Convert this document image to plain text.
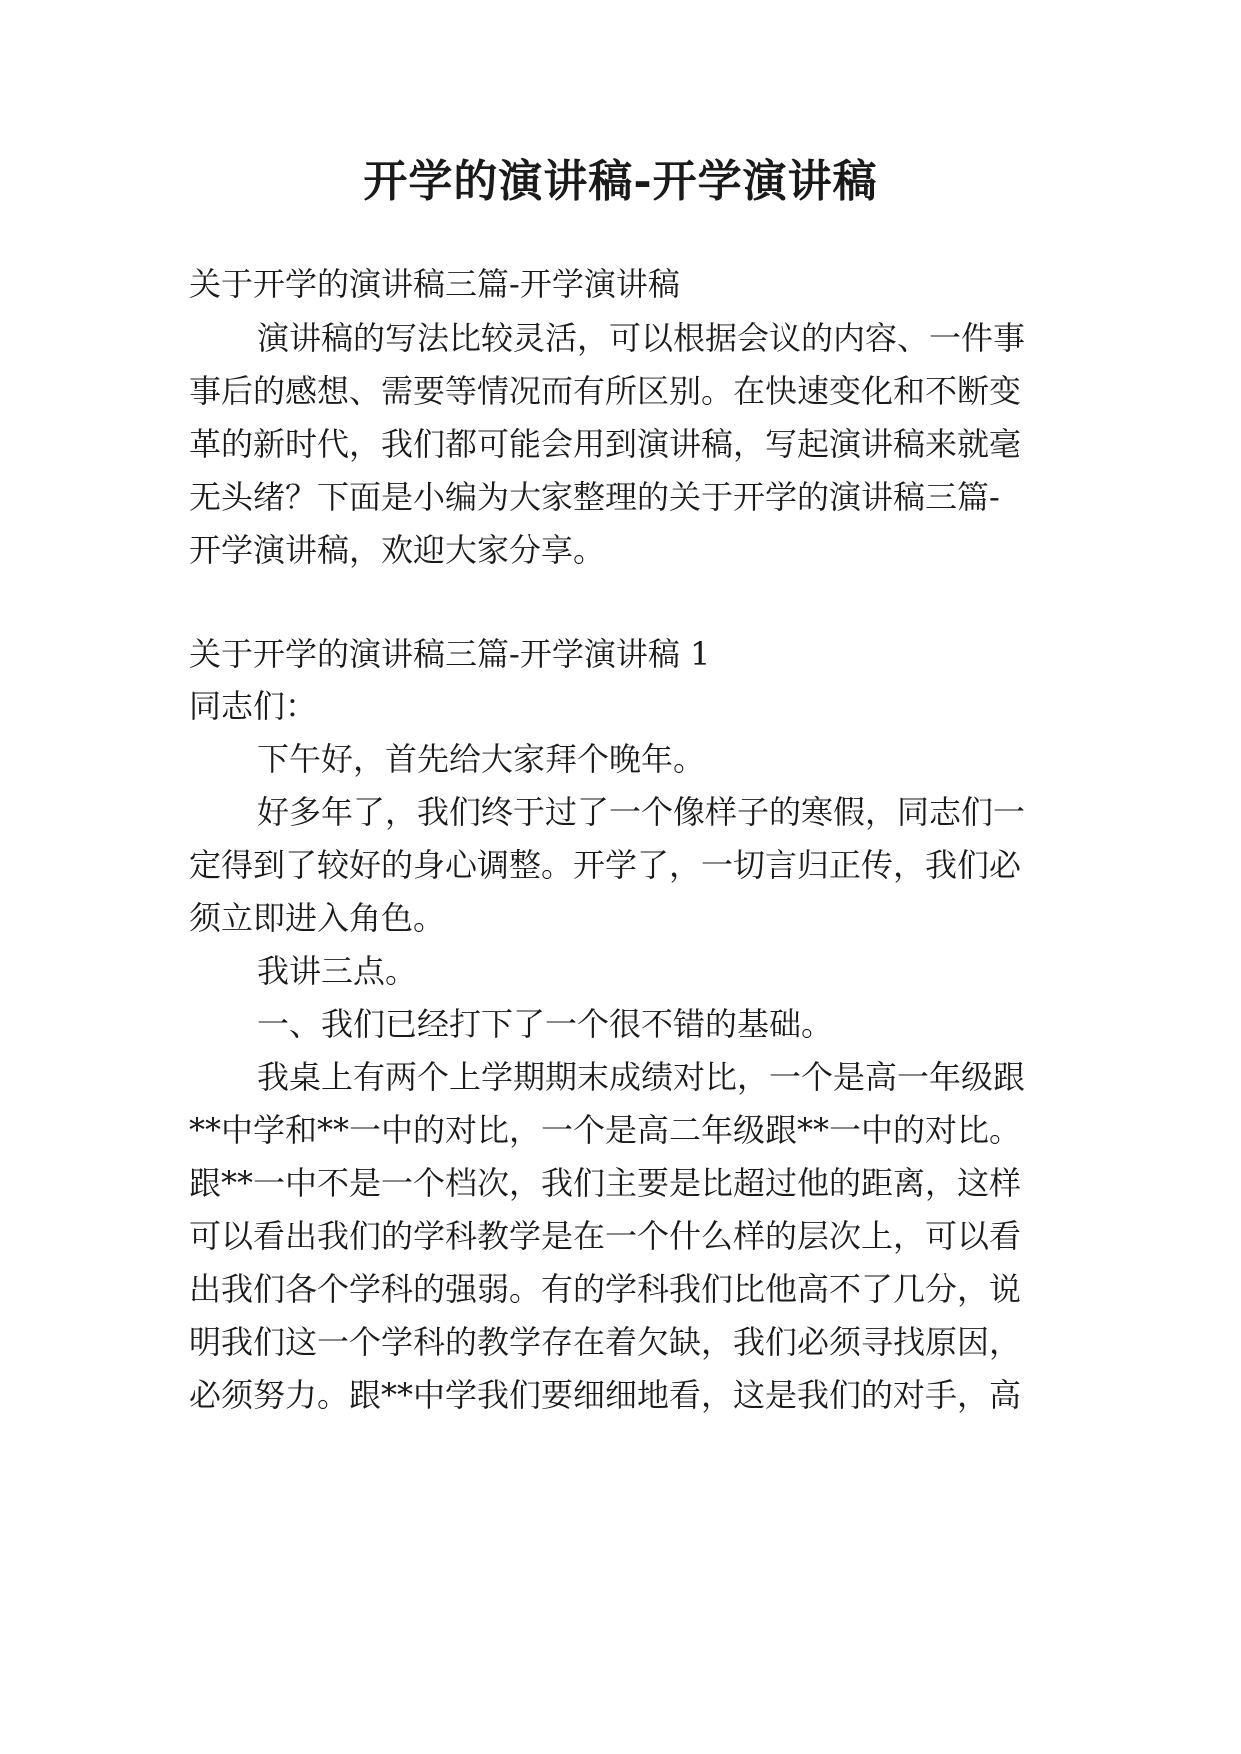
开学的演讲稿-开学演讲稿
关于开学的演讲稿三篇-开学演讲稿
演讲稿的写法比较灵活，可以根据会议的内容、一件事
事后的感想、需要等情况而有所区别。在快速变化和不断变
革的新时代，我们都可能会用到演讲稿，写起演讲稿来就毫
无头绪？下面是小编为大家整理的关于开学的演讲稿三篇-
开学演讲稿，欢迎大家分享。
关于开学的演讲稿三篇-开学演讲稿 1
同志们：
下午好，首先给大家拜个晚年。
好多年了，我们终于过了一个像样子的寒假，同志们一
定得到了较好的身心调整。开学了，一切言归正传，我们必
须立即进入角色。
我讲三点。
一、我们已经打下了一个很不错的基础。
我桌上有两个上学期期末成绩对比，一个是高一年级跟
**中学和**一中的对比，一个是高二年级跟**一中的对比。
跟**一中不是一个档次，我们主要是比超过他的距离，这样
可以看出我们的学科教学是在一个什么样的层次上，可以看
出我们各个学科的强弱。有的学科我们比他高不了几分，说
明我们这一个学科的教学存在着欠缺，我们必须寻找原因，
必须努力。跟**中学我们要细细地看，这是我们的对手，高
